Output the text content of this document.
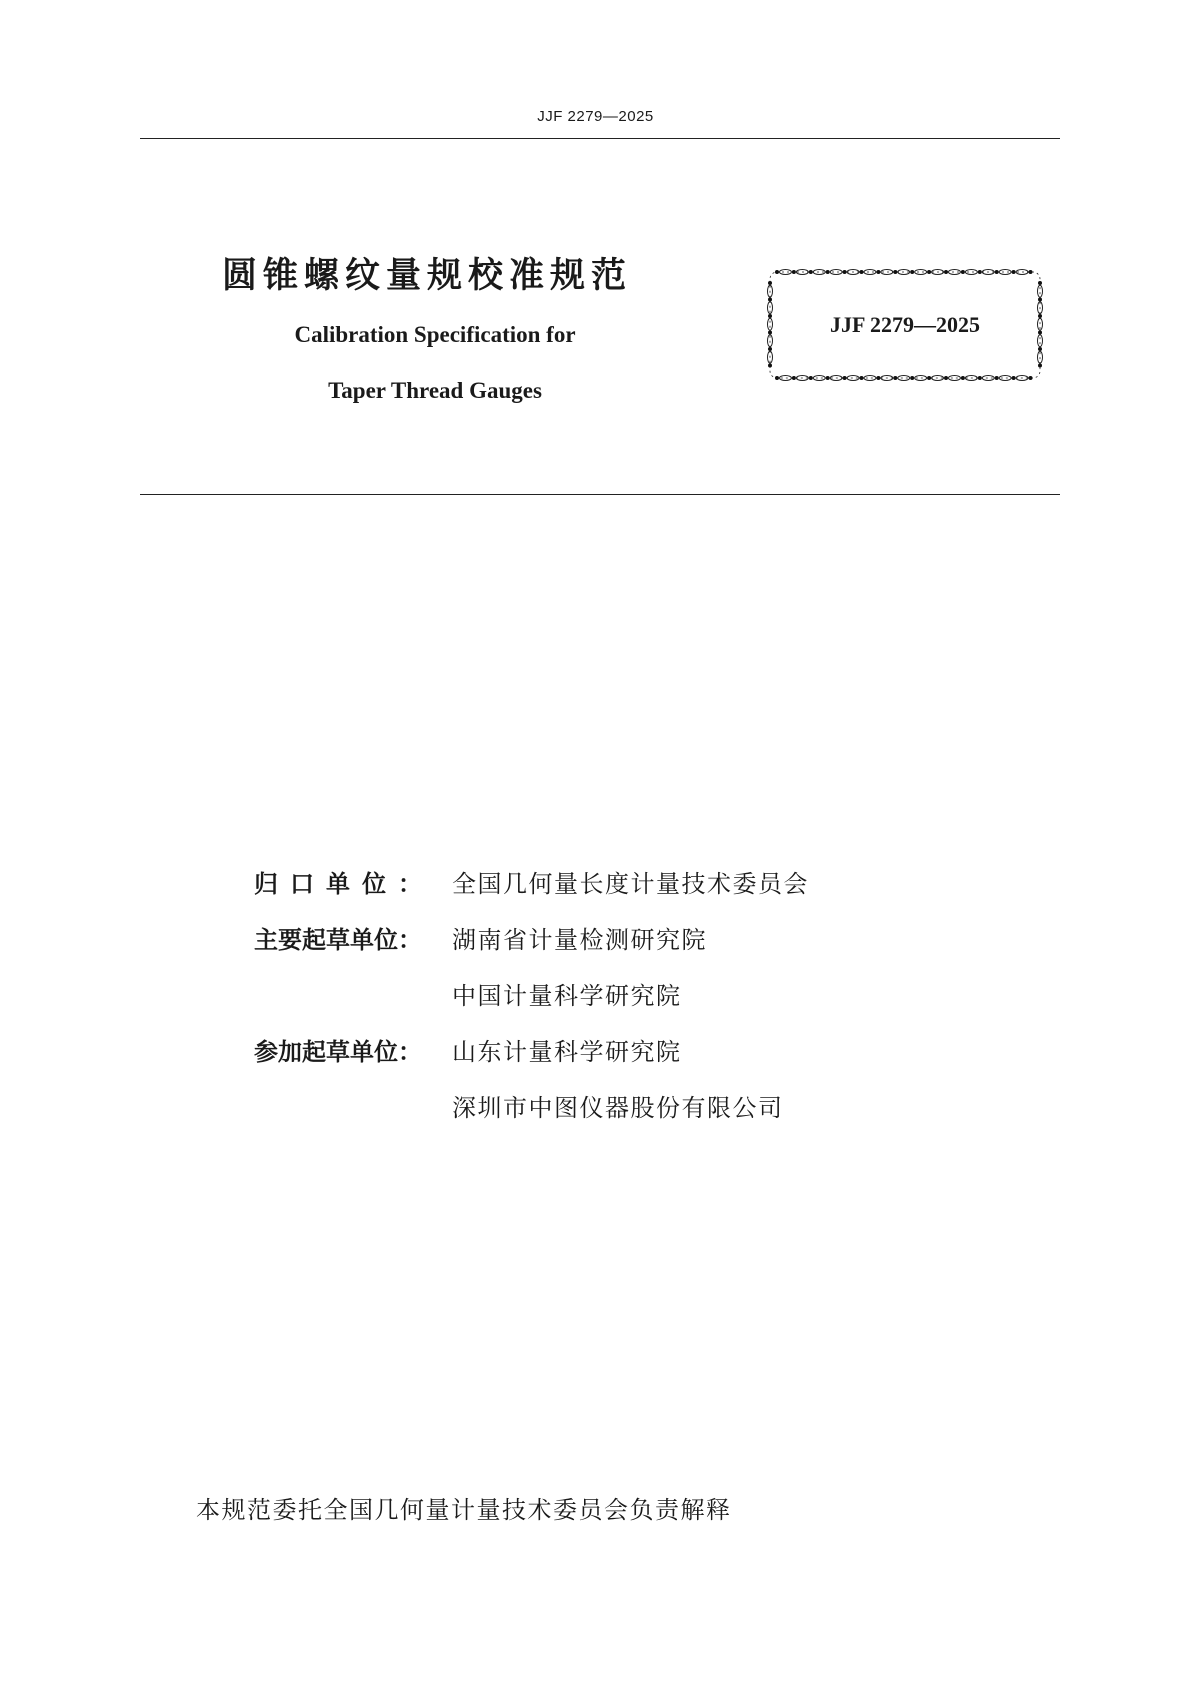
JJF 2279—2025
圆锥螺纹量规校准规范
Calibration Specification for
Taper Thread Gauges
JJF 2279—2025
归 口 单 位 ： 全国几何量长度计量技术委员会
主要起草单位：	湖南省计量检测研究院
中国计量科学研究院
参加起草单位：	山东计量科学研究院
深圳市中图仪器股份有限公司
本规范委托全国几何量计量技术委员会负责解释
